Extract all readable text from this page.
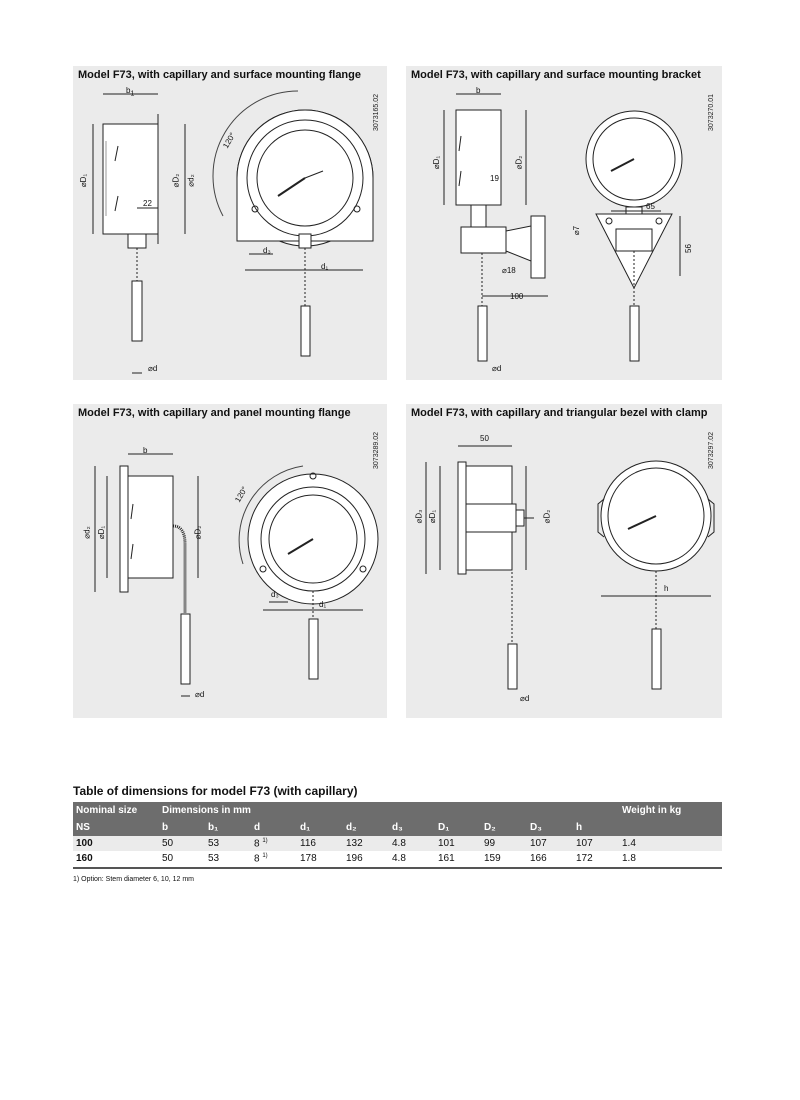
Model F73, with capillary and surface mounting flange
3073165.02
$b_1$
⌀D₁	⌀D₂ ⌀d₂
22
120°
d₃
d₁
⌀d
Model F73, with capillary and surface mounting bracket
3073270.01
b
⌀D₁	⌀D₂
19
⌀18
100
65
⌀7
56
⌀d
Model F73, with capillary and panel mounting flange
3073289.02
b
⌀d₂ ⌀D₁	⌀D₂
120°
d₃
d₁
⌀d
Model F73, with capillary and triangular bezel with clamp
3073297.02
50
⌀D₃ ⌀D₁	⌀D₂
h
⌀d
Table of dimensions for model F73 (with capillary)
Nominal size	Dimensions in mm										Weight in kg
NS	b	b₁	d	d₁	d₂	d₃	D₁	D₂	D₃	h	
100	50	53	8 $^{1)}$	116	132	4.8	101	99	107	107	1.4
160	50	53	8 $^{1)}$	178	196	4.8	161	159	166	172	1.8
1) Option: Stem diameter 6, 10, 12 mm
